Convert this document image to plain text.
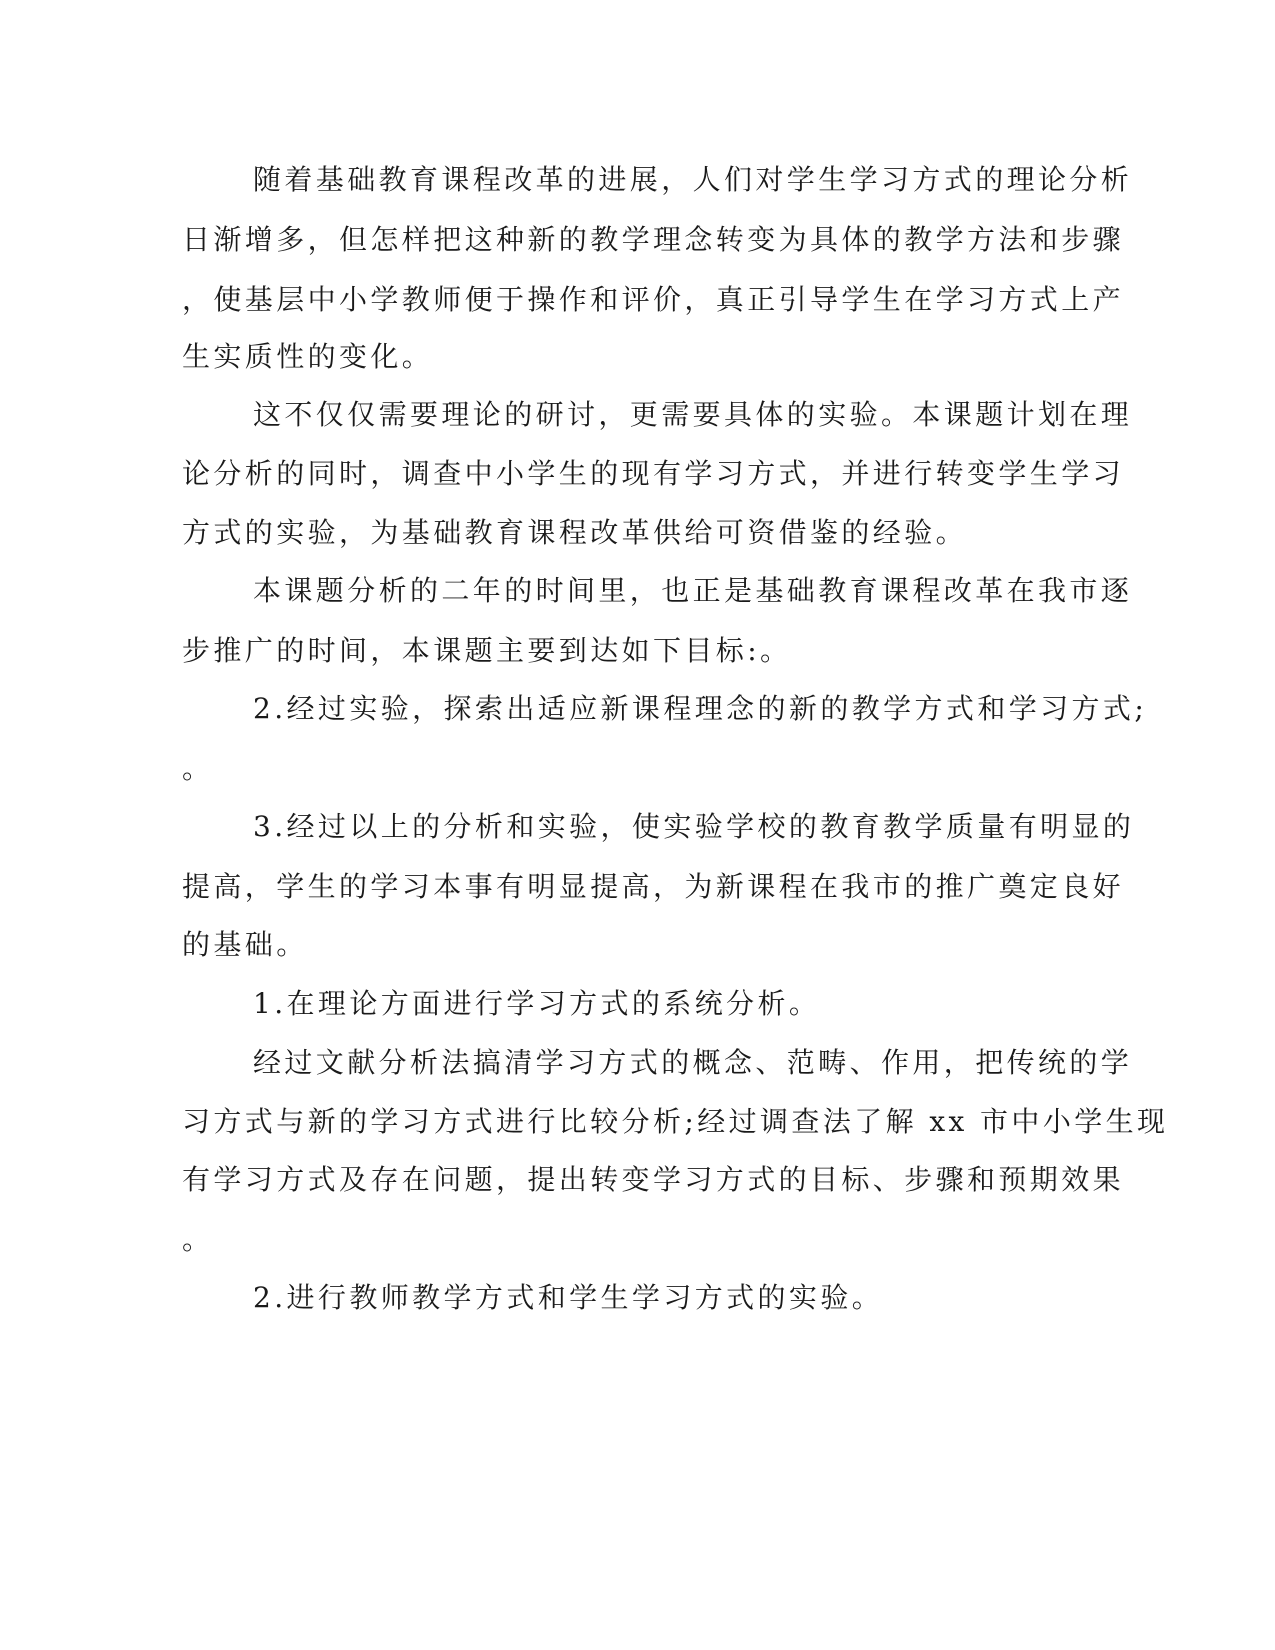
随着基础教育课程改革的进展，人们对学生学习方式的理论分析
日渐增多，但怎样把这种新的教学理念转变为具体的教学方法和步骤
，使基层中小学教师便于操作和评价，真正引导学生在学习方式上产
生实质性的变化。
这不仅仅需要理论的研讨，更需要具体的实验。本课题计划在理
论分析的同时，调查中小学生的现有学习方式，并进行转变学生学习
方式的实验，为基础教育课程改革供给可资借鉴的经验。
本课题分析的二年的时间里，也正是基础教育课程改革在我市逐
步推广的时间，本课题主要到达如下目标:。
2.经过实验，探索出适应新课程理念的新的教学方式和学习方式;
。
3.经过以上的分析和实验，使实验学校的教育教学质量有明显的
提高，学生的学习本事有明显提高，为新课程在我市的推广奠定良好
的基础。
1.在理论方面进行学习方式的系统分析。
经过文献分析法搞清学习方式的概念、范畴、作用，把传统的学
习方式与新的学习方式进行比较分析;经过调查法了解 xx 市中小学生现
有学习方式及存在问题，提出转变学习方式的目标、步骤和预期效果
。
2.进行教师教学方式和学生学习方式的实验。
